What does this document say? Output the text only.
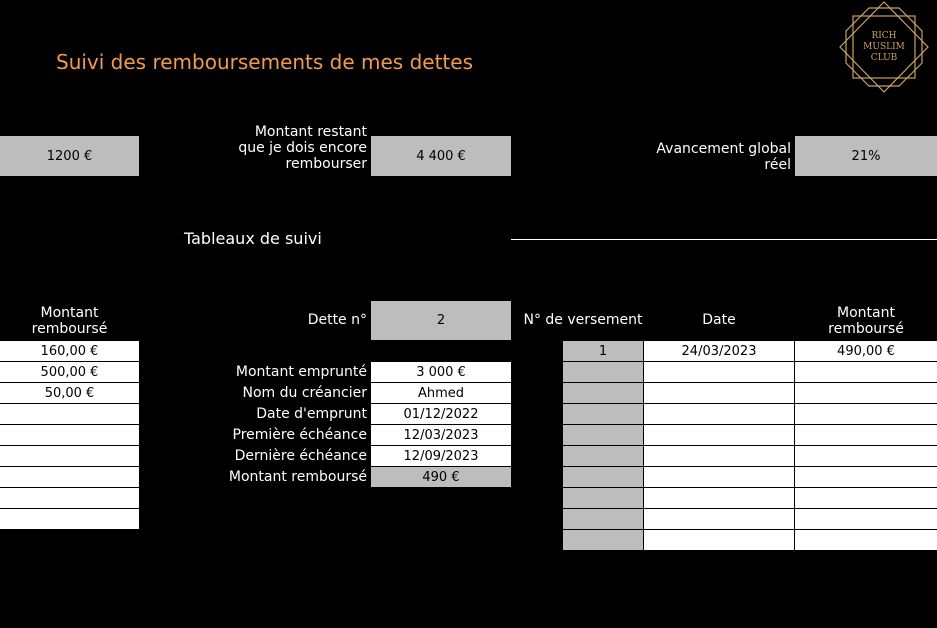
Suivi des remboursements de mes dettes
RICH
MUSLIM
CLUB
1200 €
Montant restant
que je dois encore
rembourser	4 400 €	Avancement global
réel
21%
Tableaux de suivi
Montant
remboursé
160,00 €
500,00 €
50,00 €
Dette n°	2
Montant emprunté	3 000 €
Nom du créancier	Ahmed
Date d'emprunt	01/12/2022
Première échéance	12/03/2023
Dernière échéance	12/09/2023
Montant remboursé	490 €
N° de versement	Date	Montant
remboursé
1	24/03/2023	490,00 €
